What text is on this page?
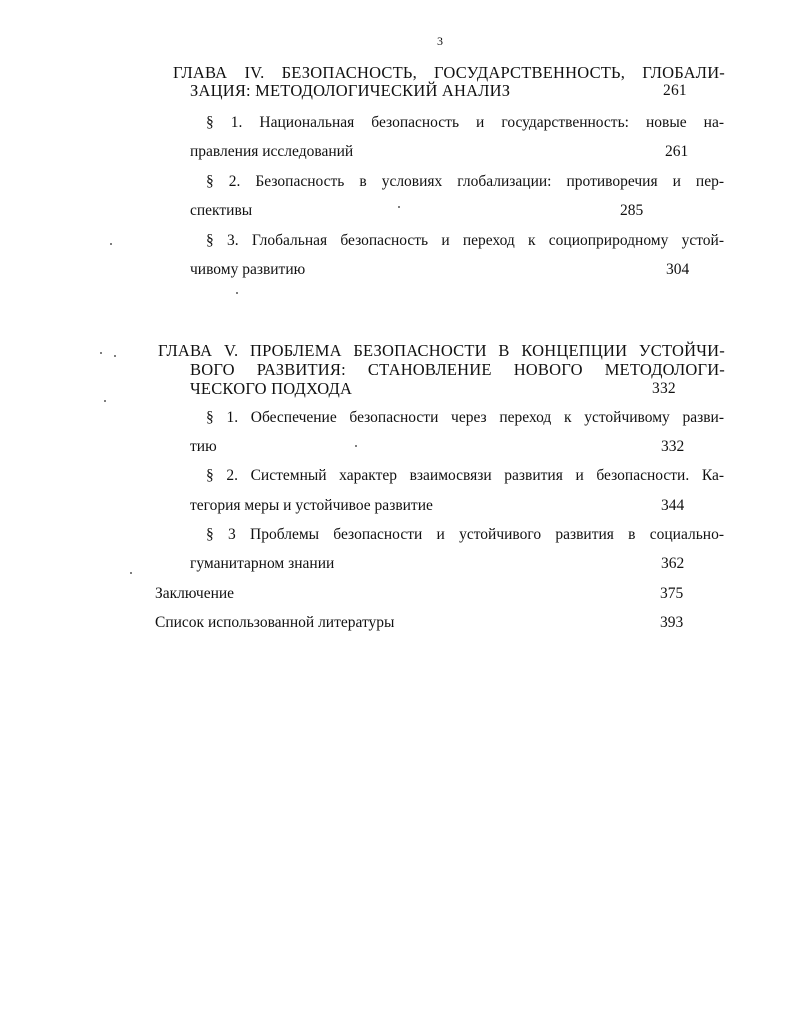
3
ГЛАВА IV. БЕЗОПАСНОСТЬ, ГОСУДАРСТВЕННОСТЬ, ГЛОБАЛИ-
ЗАЦИЯ: МЕТОДОЛОГИЧЕСКИЙ АНАЛИЗ	261
§ 1. Национальная безопасность и государственность: новые на-
правления исследований	261
§ 2. Безопасность в условиях глобализации: противоречия и пер-
спективы	285
§ 3. Глобальная безопасность и переход к социоприродному устой-
чивому развитию	304
ГЛАВА V. ПРОБЛЕМА БЕЗОПАСНОСТИ В КОНЦЕПЦИИ УСТОЙЧИ-
ВОГО РАЗВИТИЯ: СТАНОВЛЕНИЕ НОВОГО МЕТОДОЛОГИ-
ЧЕСКОГО ПОДХОДА	332
§ 1. Обеспечение безопасности через переход к устойчивому разви-
тию	332
§ 2. Системный характер взаимосвязи развития и безопасности. Ка-
тегория меры и устойчивое развитие	344
§ 3 Проблемы безопасности и устойчивого развития в социально-
гуманитарном знании	362
Заключение	375
Список использованной литературы	393
